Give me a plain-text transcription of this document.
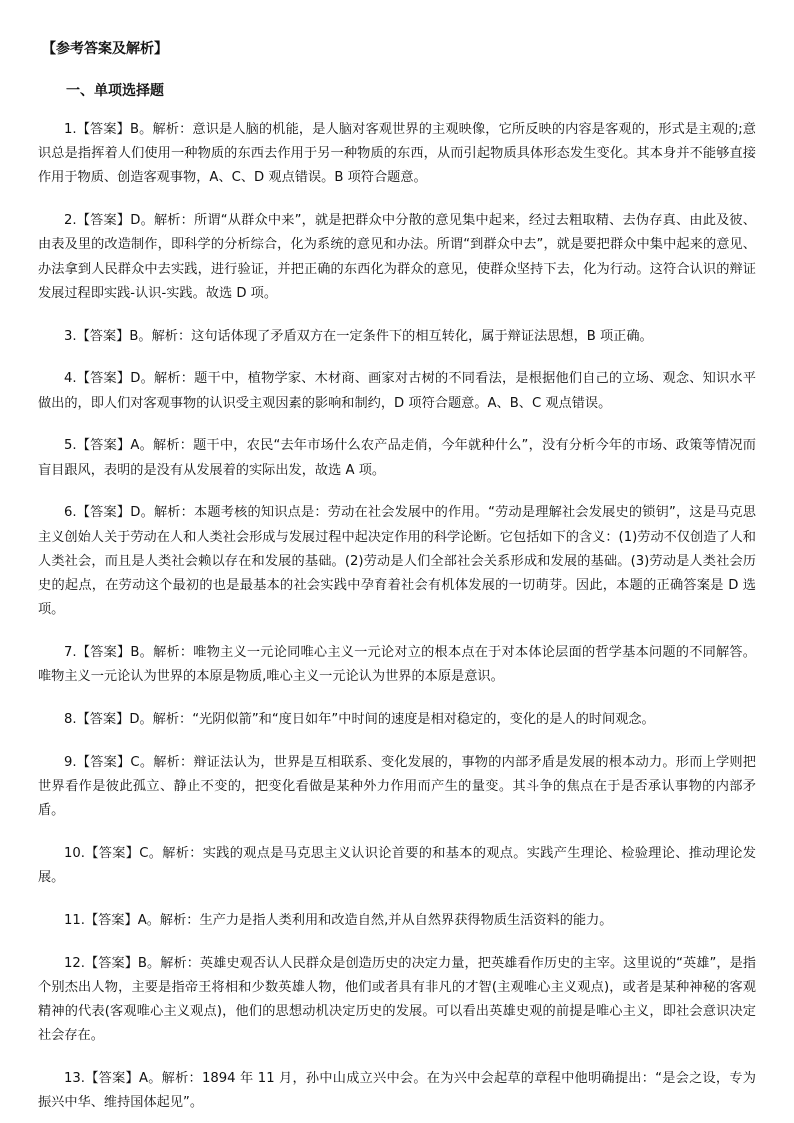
【参考答案及解析】
一、单项选择题

1.【答案】B。解析：意识是人脑的机能，是人脑对客观世界的主观映像，它所反映的内容是客观的，形式是主观的;意识总是指挥着人们使用一种物质的东西去作用于另一种物质的东西，从而引起物质具体形态发生变化。其本身并不能够直接作用于物质、创造客观事物，A、C、D 观点错误。B 项符合题意。

2.【答案】D。解析：所谓“从群众中来”，就是把群众中分散的意见集中起来，经过去粗取精、去伪存真、由此及彼、由表及里的改造制作，即科学的分析综合，化为系统的意见和办法。所谓“到群众中去”，就是要把群众中集中起来的意见、办法拿到人民群众中去实践，进行验证，并把正确的东西化为群众的意见，使群众坚持下去，化为行动。这符合认识的辩证发展过程即实践-认识-实践。故选 D 项。

3.【答案】B。解析：这句话体现了矛盾双方在一定条件下的相互转化，属于辩证法思想，B 项正确。

4.【答案】D。解析：题干中，植物学家、木材商、画家对古树的不同看法，是根据他们自己的立场、观念、知识水平做出的，即人们对客观事物的认识受主观因素的影响和制约，D 项符合题意。A、B、C 观点错误。

5.【答案】A。解析：题干中，农民“去年市场什么农产品走俏，今年就种什么”，没有分析今年的市场、政策等情况而盲目跟风，表明的是没有从发展着的实际出发，故选 A 项。

6.【答案】D。解析：本题考核的知识点是：劳动在社会发展中的作用。“劳动是理解社会发展史的锁钥”，这是马克思主义创始人关于劳动在人和人类社会形成与发展过程中起决定作用的科学论断。它包括如下的含义：(1)劳动不仅创造了人和人类社会，而且是人类社会赖以存在和发展的基础。(2)劳动是人们全部社会关系形成和发展的基础。(3)劳动是人类社会历史的起点，在劳动这个最初的也是最基本的社会实践中孕育着社会有机体发展的一切萌芽。因此，本题的正确答案是 D 选项。

7.【答案】B。解析：唯物主义一元论同唯心主义一元论对立的根本点在于对本体论层面的哲学基本问题的不同解答。唯物主义一元论认为世界的本原是物质,唯心主义一元论认为世界的本原是意识。

8.【答案】D。解析：“光阴似箭”和“度日如年”中时间的速度是相对稳定的，变化的是人的时间观念。

9.【答案】C。解析：辩证法认为，世界是互相联系、变化发展的，事物的内部矛盾是发展的根本动力。形而上学则把世界看作是彼此孤立、静止不变的，把变化看做是某种外力作用而产生的量变。其斗争的焦点在于是否承认事物的内部矛盾。

10.【答案】C。解析：实践的观点是马克思主义认识论首要的和基本的观点。实践产生理论、检验理论、推动理论发展。

11.【答案】A。解析：生产力是指人类利用和改造自然,并从自然界获得物质生活资料的能力。

12.【答案】B。解析：英雄史观否认人民群众是创造历史的决定力量，把英雄看作历史的主宰。这里说的“英雄”，是指个别杰出人物，主要是指帝王将相和少数英雄人物，他们或者具有非凡的才智(主观唯心主义观点)，或者是某种神秘的客观精神的代表(客观唯心主义观点)，他们的思想动机决定历史的发展。可以看出英雄史观的前提是唯心主义，即社会意识决定社会存在。

13.【答案】A。解析：1894 年 11 月，孙中山成立兴中会。在为兴中会起草的章程中他明确提出：“是会之设，专为振兴中华、维持国体起见”。
